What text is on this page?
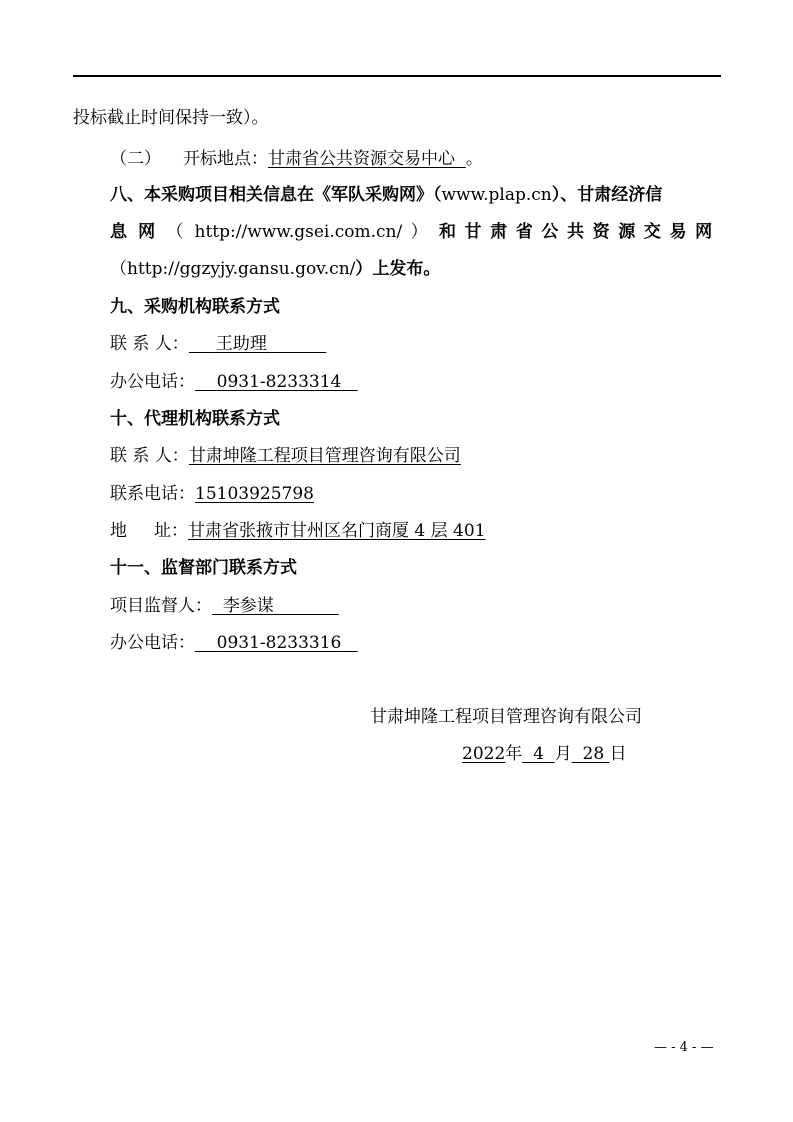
投标截止时间保持一致）。
（二） 开标地点：甘肃省公共资源交易中心 。
八、本采购项目相关信息在《军队采购网》（www.plap.cn）、甘肃经济信
息 网 （ http://www.gsei.com.cn/ ） 和甘肃省公共资源交易网
（http://ggzyjy.gansu.gov.cn/）上发布。
九、采购机构联系方式
联 系 人： 王助理
办公电话： 0931-8233314
十、代理机构联系方式
联 系 人：甘肃坤隆工程项目管理咨询有限公司
联系电话：15103925798
地     址：甘肃省张掖市甘州区名门商厦 4 层 401
十一、监督部门联系方式
项目监督人： 李参谋
办公电话： 0931-8233316
甘肃坤隆工程项目管理咨询有限公司
2022年 4 月 28 日
— - 4 - —
